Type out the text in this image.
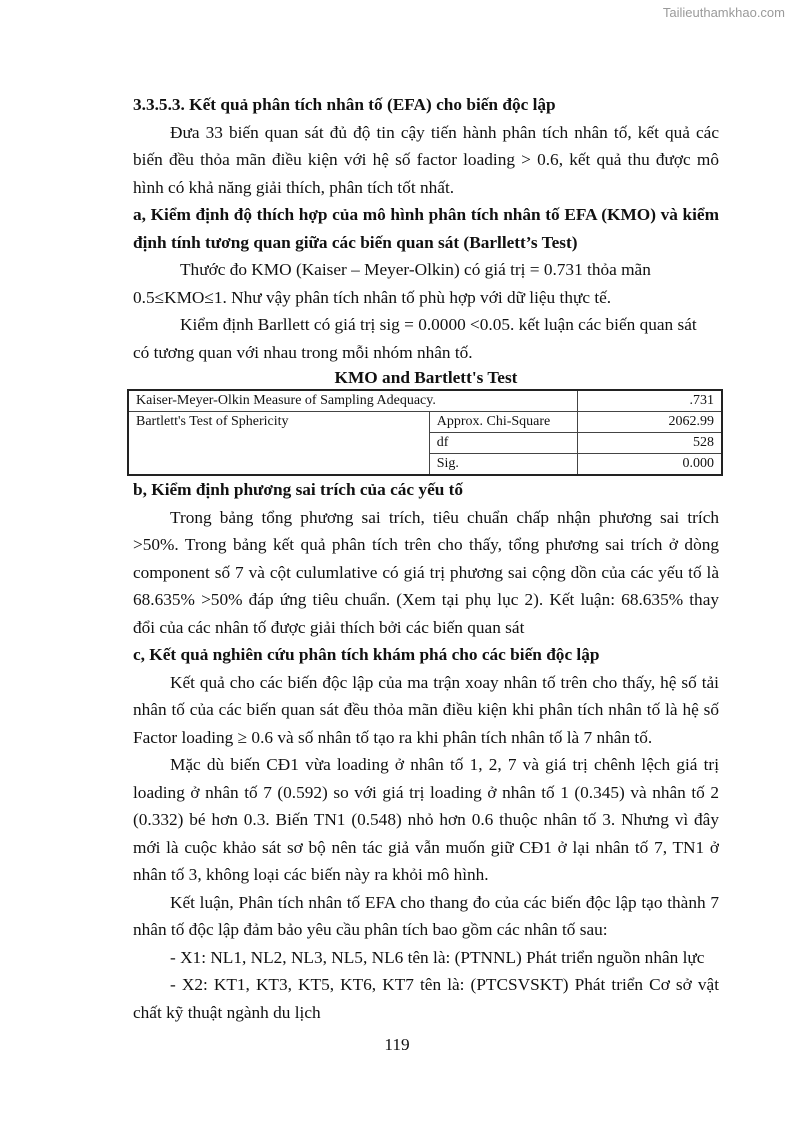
Tailieuthamkhao.com
3.3.5.3. Kết quả phân tích nhân tố (EFA) cho biến độc lập
Đưa 33 biến quan sát đủ độ tin cậy tiến hành phân tích nhân tố, kết quả các
biến đều thỏa mãn điều kiện với hệ số factor loading > 0.6, kết quả thu được mô
hình có khả năng giải thích, phân tích tốt nhất.
a, Kiểm định độ thích hợp của mô hình phân tích nhân tố EFA (KMO) và kiểm
định tính tương quan giữa các biến quan sát (Barllett’s Test)
Thước đo KMO (Kaiser – Meyer-Olkin) có giá trị = 0.731 thỏa mãn
0.5≤KMO≤1. Như vậy phân tích nhân tố phù hợp với dữ liệu thực tế.
Kiểm định Barllett có giá trị sig = 0.0000 <0.05. kết luận các biến quan sát
có tương quan với nhau trong mỗi nhóm nhân tố.
KMO and Bartlett's Test
Kaiser-Meyer-Olkin Measure of Sampling Adequacy.		.731
Bartlett's Test of Sphericity	Approx. Chi-Square	2062.99
	df	528
	Sig.	0.000
b, Kiểm định phương sai trích của các yếu tố
Trong bảng tổng phương sai trích, tiêu chuẩn chấp nhận phương sai trích
>50%. Trong bảng kết quả phân tích trên cho thấy, tổng phương sai trích ở dòng
component số 7 và cột culumlative có giá trị phương sai cộng dồn của các yếu tố là
68.635% >50% đáp ứng tiêu chuẩn. (Xem tại phụ lục 2). Kết luận: 68.635% thay
đổi của các nhân tố được giải thích bởi các biến quan sát
c, Kết quả nghiên cứu phân tích khám phá cho các biến độc lập
Kết quả cho các biến độc lập của ma trận xoay nhân tố trên cho thấy, hệ số tải
nhân tố của các biến quan sát đều thỏa mãn điều kiện khi phân tích nhân tố là hệ số
Factor loading ≥ 0.6 và số nhân tố tạo ra khi phân tích nhân tố là 7 nhân tố.
Mặc dù biến CĐ1 vừa loading ở nhân tố 1, 2, 7 và giá trị chênh lệch giá trị
loading ở nhân tố 7 (0.592) so với giá trị loading ở nhân tố 1 (0.345) và nhân tố 2
(0.332) bé hơn 0.3. Biến TN1 (0.548) nhỏ hơn 0.6 thuộc nhân tố 3. Nhưng vì đây
mới là cuộc khảo sát sơ bộ nên tác giả vẫn muốn giữ CĐ1 ở lại nhân tố 7, TN1 ở
nhân tố 3, không loại các biến này ra khỏi mô hình.
Kết luận, Phân tích nhân tố EFA cho thang đo của các biến độc lập tạo thành 7
nhân tố độc lập đảm bảo yêu cầu phân tích bao gồm các nhân tố sau:
- X1: NL1, NL2, NL3, NL5, NL6 tên là: (PTNNL) Phát triển nguồn nhân lực
- X2: KT1, KT3, KT5, KT6, KT7 tên là: (PTCSVSKT) Phát triển Cơ sở vật
chất kỹ thuật ngành du lịch
119
